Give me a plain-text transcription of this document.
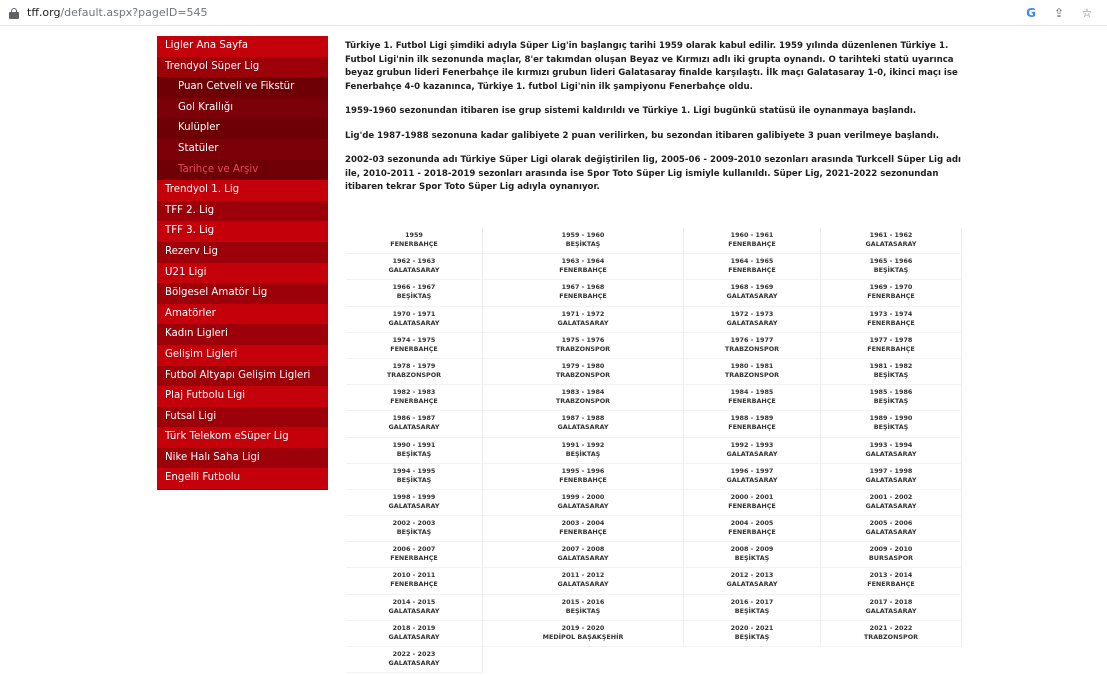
tff.org/default.aspx?pageID=545	G ⇪ ☆
Ligler Ana Sayfa
Trendyol Süper Lig
Puan Cetveli ve Fikstür
Gol Krallığı
Kulüpler
Statüler
Tarihçe ve Arşiv
Trendyol 1. Lig
TFF 2. Lig
TFF 3. Lig
Rezerv Lig
U21 Ligi
Bölgesel Amatör Lig
Amatörler
Kadın Ligleri
Gelişim Ligleri
Futbol Altyapı Gelişim Ligleri
Plaj Futbolu Ligi
Futsal Ligi
Türk Telekom eSüper Lig
Nike Halı Saha Ligi
Engelli Futbolu

Türkiye 1. Futbol Ligi şimdiki adıyla Süper Lig'in başlangıç tarihi 1959 olarak kabul edilir. 1959 yılında düzenlenen Türkiye 1. Futbol Ligi'nin ilk sezonunda maçlar, 8'er takımdan oluşan Beyaz ve Kırmızı adlı iki grupta oynandı. O tarihteki statü uyarınca beyaz grubun lideri Fenerbahçe ile kırmızı grubun lideri Galatasaray finalde karşılaştı. İlk maçı Galatasaray 1-0, ikinci maçı ise Fenerbahçe 4-0 kazanınca, Türkiye 1. futbol Ligi'nin ilk şampiyonu Fenerbahçe oldu.

1959-1960 sezonundan itibaren ise grup sistemi kaldırıldı ve Türkiye 1. Ligi bugünkü statüsü ile oynanmaya başlandı.

Lig'de 1987-1988 sezonuna kadar galibiyete 2 puan verilirken, bu sezondan itibaren galibiyete 3 puan verilmeye başlandı.

2002-03 sezonunda adı Türkiye Süper Ligi olarak değiştirilen lig, 2005-06 - 2009-2010 sezonları arasında Turkcell Süper Lig adı ile, 2010-2011 - 2018-2019 sezonları arasında ise Spor Toto Süper Lig ismiyle kullanıldı. Süper Lig, 2021-2022 sezonundan itibaren tekrar Spor Toto Süper Lig adıyla oynanıyor.

1959
FENERBAHÇE
1959 - 1960
BEŞİKTAŞ
1960 - 1961
FENERBAHÇE
1961 - 1962
GALATASARAY
1962 - 1963
GALATASARAY
1963 - 1964
FENERBAHÇE
1964 - 1965
FENERBAHÇE
1965 - 1966
BEŞİKTAŞ
1966 - 1967
BEŞİKTAŞ
1967 - 1968
FENERBAHÇE
1968 - 1969
GALATASARAY
1969 - 1970
FENERBAHÇE
1970 - 1971
GALATASARAY
1971 - 1972
GALATASARAY
1972 - 1973
GALATASARAY
1973 - 1974
FENERBAHÇE
1974 - 1975
FENERBAHÇE
1975 - 1976
TRABZONSPOR
1976 - 1977
TRABZONSPOR
1977 - 1978
FENERBAHÇE
1978 - 1979
TRABZONSPOR
1979 - 1980
TRABZONSPOR
1980 - 1981
TRABZONSPOR
1981 - 1982
BEŞİKTAŞ
1982 - 1983
FENERBAHÇE
1983 - 1984
TRABZONSPOR
1984 - 1985
FENERBAHÇE
1985 - 1986
BEŞİKTAŞ
1986 - 1987
GALATASARAY
1987 - 1988
GALATASARAY
1988 - 1989
FENERBAHÇE
1989 - 1990
BEŞİKTAŞ
1990 - 1991
BEŞİKTAŞ
1991 - 1992
BEŞİKTAŞ
1992 - 1993
GALATASARAY
1993 - 1994
GALATASARAY
1994 - 1995
BEŞİKTAŞ
1995 - 1996
FENERBAHÇE
1996 - 1997
GALATASARAY
1997 - 1998
GALATASARAY
1998 - 1999
GALATASARAY
1999 - 2000
GALATASARAY
2000 - 2001
FENERBAHÇE
2001 - 2002
GALATASARAY
2002 - 2003
BEŞİKTAŞ
2003 - 2004
FENERBAHÇE
2004 - 2005
FENERBAHÇE
2005 - 2006
GALATASARAY
2006 - 2007
FENERBAHÇE
2007 - 2008
GALATASARAY
2008 - 2009
BEŞİKTAŞ
2009 - 2010
BURSASPOR
2010 - 2011
FENERBAHÇE
2011 - 2012
GALATASARAY
2012 - 2013
GALATASARAY
2013 - 2014
FENERBAHÇE
2014 - 2015
GALATASARAY
2015 - 2016
BEŞİKTAŞ
2016 - 2017
BEŞİKTAŞ
2017 - 2018
GALATASARAY
2018 - 2019
GALATASARAY
2019 - 2020
MEDİPOL BAŞAKŞEHİR
2020 - 2021
BEŞİKTAŞ
2021 - 2022
TRABZONSPOR
2022 - 2023
GALATASARAY
